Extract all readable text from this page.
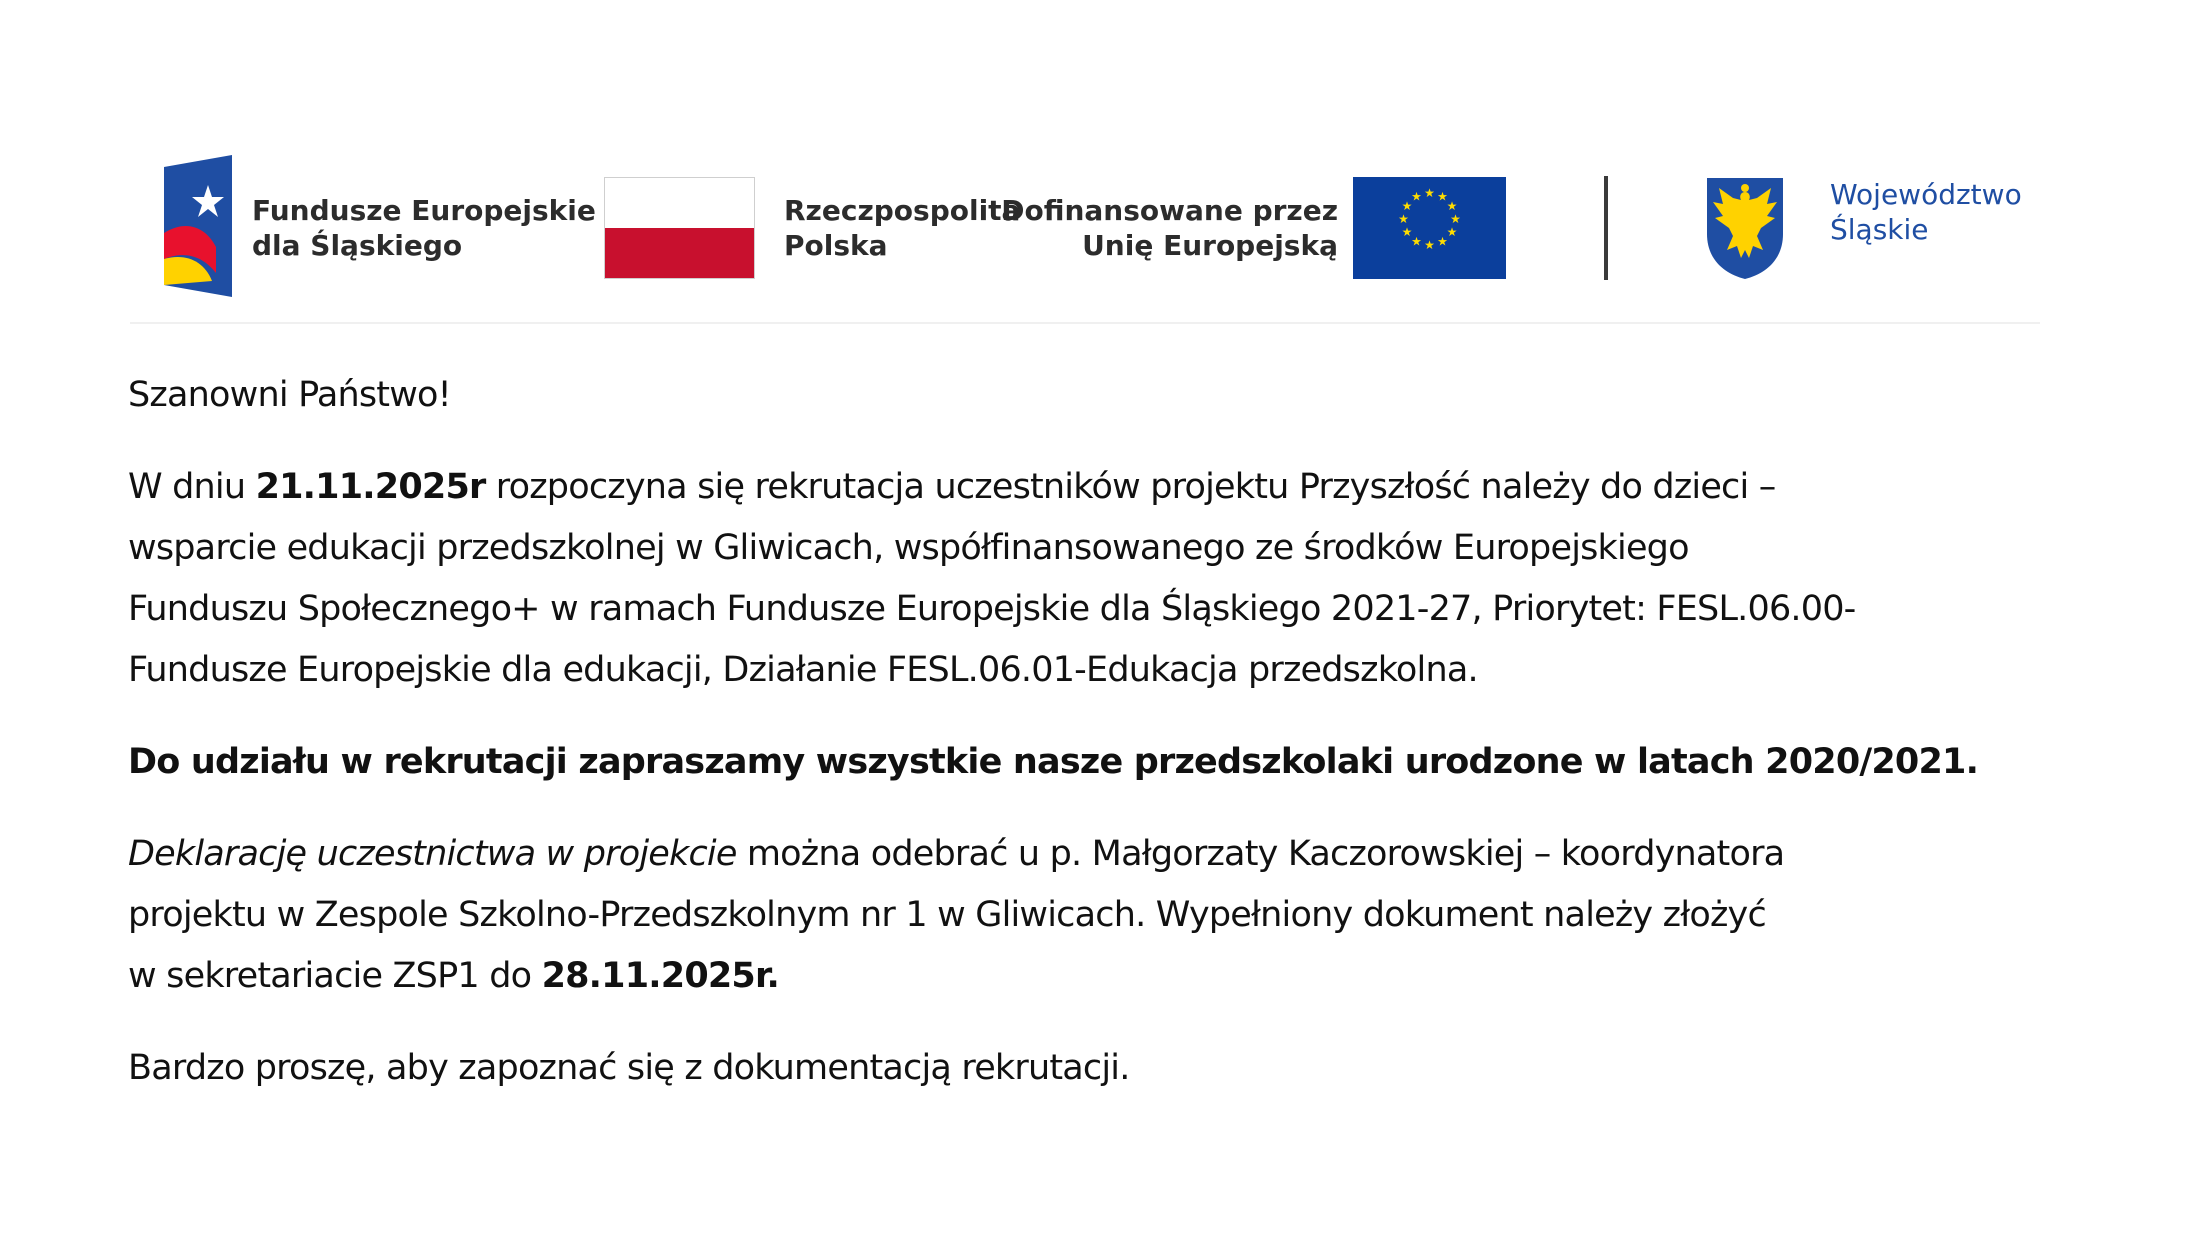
Fundusze Europejskie
dla Śląskiego
Rzeczpospolita
Polska
Dofinansowane przez
Unię Europejską
★ ★
★
★
★
★
★
★
★
★
★
★	Województwo
Śląskie

Szanowni Państwo!

W dniu 21.11.2025r rozpoczyna się rekrutacja uczestników projektu Przyszłość należy do dzieci –
wsparcie edukacji przedszkolnej w Gliwicach, współfinansowanego ze środków Europejskiego
Funduszu Społecznego+ w ramach Fundusze Europejskie dla Śląskiego 2021-27, Priorytet: FESL.06.00-
Fundusze Europejskie dla edukacji, Działanie FESL.06.01-Edukacja przedszkolna.

Do udziału w rekrutacji zapraszamy wszystkie nasze przedszkolaki urodzone w latach 2020/2021.

Deklarację uczestnictwa w projekcie można odebrać u p. Małgorzaty Kaczorowskiej – koordynatora
projektu w Zespole Szkolno-Przedszkolnym nr 1 w Gliwicach. Wypełniony dokument należy złożyć
w sekretariacie ZSP1 do 28.11.2025r.

Bardzo proszę, aby zapoznać się z dokumentacją rekrutacji.
